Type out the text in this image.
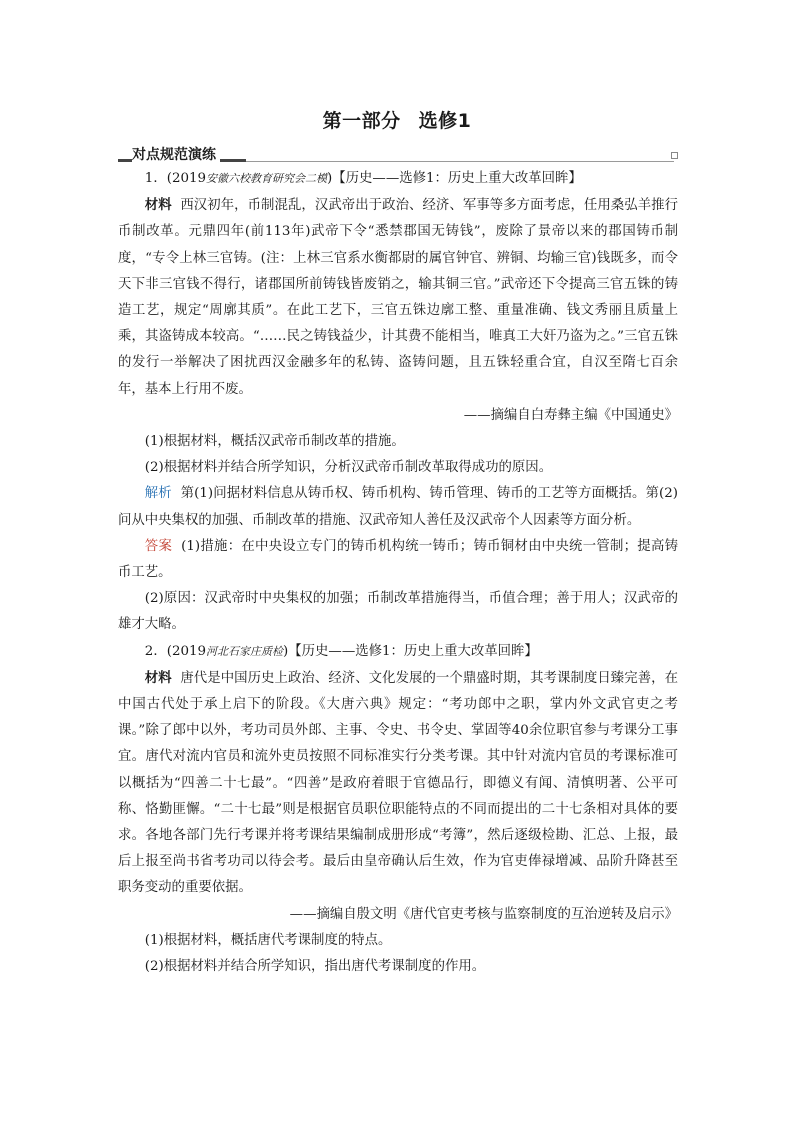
第一部分 选修1
对点规范演练

1．(2019安徽六校教育研究会二模)【历史——选修1：历史上重大改革回眸】

材料 西汉初年，币制混乱，汉武帝出于政治、经济、军事等多方面考虑，任用桑弘羊推行币制改革。元鼎四年(前113年)武帝下令“悉禁郡国无铸钱”，废除了景帝以来的郡国铸币制度，“专令上林三官铸。(注：上林三官系水衡都尉的属官钟官、辨铜、均输三官)钱既多，而令天下非三官钱不得行，诸郡国所前铸钱皆废销之，输其铜三官。”武帝还下令提高三官五铢的铸造工艺，规定“周廓其质”。在此工艺下，三官五铢边廓工整、重量准确、钱文秀丽且质量上乘，其盗铸成本较高。“……民之铸钱益少，计其费不能相当，唯真工大奸乃盗为之。”三官五铢的发行一举解决了困扰西汉金融多年的私铸、盗铸问题，且五铢轻重合宜，自汉至隋七百余年，基本上行用不废。

——摘编自白寿彝主编《中国通史》

(1)根据材料，概括汉武帝币制改革的措施。

(2)根据材料并结合所学知识，分析汉武帝币制改革取得成功的原因。

解析 第(1)问据材料信息从铸币权、铸币机构、铸币管理、铸币的工艺等方面概括。第(2)问从中央集权的加强、币制改革的措施、汉武帝知人善任及汉武帝个人因素等方面分析。

答案 (1)措施：在中央设立专门的铸币机构统一铸币；铸币铜材由中央统一管制；提高铸币工艺。

(2)原因：汉武帝时中央集权的加强；币制改革措施得当，币值合理；善于用人；汉武帝的雄才大略。

2．(2019河北石家庄质检)【历史——选修1：历史上重大改革回眸】

材料 唐代是中国历史上政治、经济、文化发展的一个鼎盛时期，其考课制度日臻完善，在中国古代处于承上启下的阶段。《大唐六典》规定：“考功郎中之职，掌内外文武官吏之考课。”除了郎中以外，考功司员外郎、主事、令史、书令史、掌固等40余位职官参与考课分工事宜。唐代对流内官员和流外吏员按照不同标准实行分类考课。其中针对流内官员的考课标准可以概括为“四善二十七最”。“四善”是政府着眼于官德品行，即德义有闻、清慎明著、公平可称、恪勤匪懈。“二十七最”则是根据官员职位职能特点的不同而提出的二十七条相对具体的要求。各地各部门先行考课并将考课结果编制成册形成“考簿”，然后逐级检勘、汇总、上报，最后上报至尚书省考功司以待会考。最后由皇帝确认后生效，作为官吏俸禄增减、品阶升降甚至职务变动的重要依据。

——摘编自殷文明《唐代官吏考核与监察制度的互治逆转及启示》

(1)根据材料，概括唐代考课制度的特点。

(2)根据材料并结合所学知识，指出唐代考课制度的作用。
